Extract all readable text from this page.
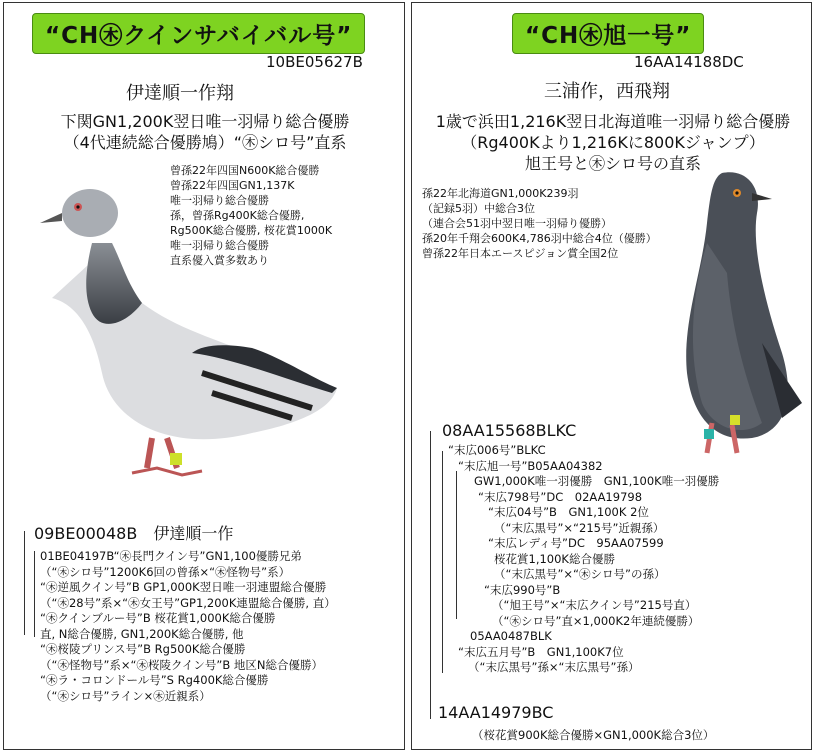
“CH㊍クインサバイバル号”
10BE05627B
伊達順一作翔
下関GN1,200K翌日唯一羽帰り総合優勝
（4代連続総合優勝鳩）“㊍シロ号”直系
曾孫22年四国N600K総合優勝
曾孫22年四国GN1,137K
唯一羽帰り総合優勝
孫，曾孫Rg400K総合優勝,
Rg500K総合優勝, 桜花賞1000K
唯一羽帰り総合優勝
直系優入賞多数あり
09BE00048B　伊達順一作
01BE04197B“㊍長門クイン号”GN1,100優勝兄弟
（“㊍シロ号”1200K6回の曾孫×“㊍怪物号”系）
“㊍逆風クイン号”B GP1,000K翌日唯一羽連盟総合優勝
（“㊍28号”系×“㊍女王号”GP1,200K連盟総合優勝, 直）
“㊍クインブルー号”B 桜花賞1,000K総合優勝
直, N総合優勝, GN1,200K総合優勝, 他
“㊍桜陵プリンス号”B Rg500K総合優勝
（“㊍怪物号”系×“㊍桜陵クイン号”B 地区N総合優勝）
“㊍ラ・コロンドール号”S Rg400K総合優勝
（“㊍シロ号”ライン×㊍近親系）
“CH㊍旭一号”
16AA14188DC
三浦作，西飛翔
1歳で浜田1,216K翌日北海道唯一羽帰り総合優勝
（Rg400Kより1,216Kに800Kジャンプ）
旭王号と㊍シロ号の直系
孫22年北海道GN1,000K239羽
（記録5羽）中総合3位
（連合会51羽中翌日唯一羽帰り優勝）
孫20年千翔会600K4,786羽中総合4位（優勝）
曾孫22年日本エースピジョン賞全国2位
08AA15568BLKC
“末広006号”BLKC
“末広旭一号”B05AA04382
GW1,000K唯一羽優勝　GN1,100K唯一羽優勝
“末広798号”DC　02AA19798
“末広04号”B　GN1,100K 2位
（“末広黒号”×“215号”近親孫）
“末広レディ号”DC　95AA07599
桜花賞1,100K総合優勝
（“末広黒号”×“㊍シロ号”の孫）
“末広990号”B
（“旭王号”×“末広クイン号”215号直）
（“㊍シロ号”直×1,000K2年連続優勝）
05AA0487BLK
“末広五月号”B　GN1,100K7位
（“末広黒号”孫×“末広黒号”孫）
14AA14979BC
（桜花賞900K総合優勝×GN1,000K総合3位）
